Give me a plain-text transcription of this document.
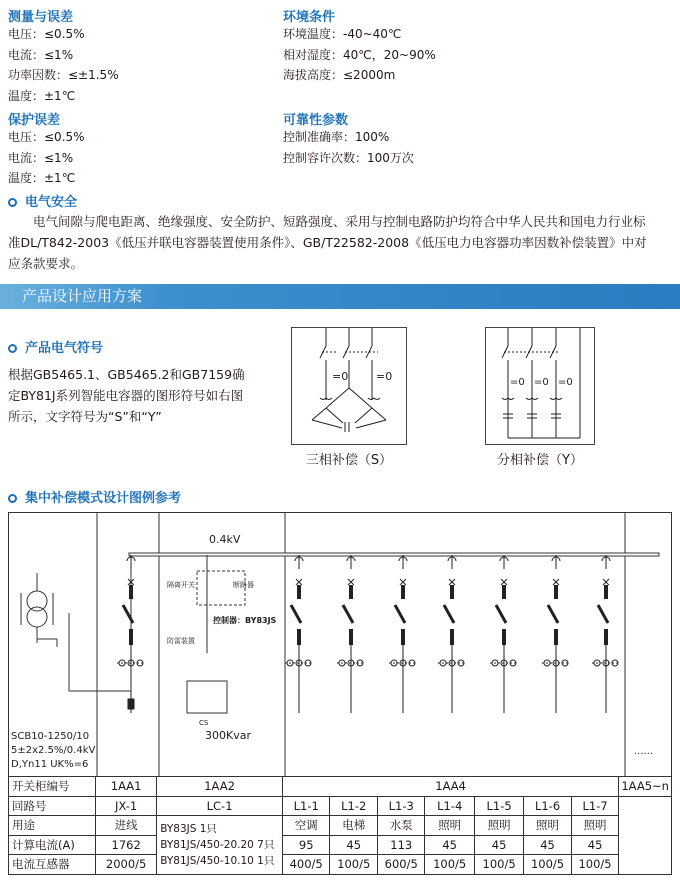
测量与误差
电压：≤0.5%
电流：≤1%
功率因数：≤±1.5%
温度：±1℃
环境条件
环境温度：-40~40℃
相对湿度：40℃，20~90%
海拔高度：≤2000m
保护误差
电压：≤0.5%
电流：≤1%
温度：±1℃
可靠性参数
控制准确率：100%
控制容许次数：100万次
电气安全
电气间隙与爬电距离、绝缘强度、安全防护、短路强度、采用与控制电路防护均符合中华人民共和国电力行业标
准DL/T842-2003《低压并联电容器装置使用条件》、GB/T22582-2008《低压电力电容器功率因数补偿装置》中对
应条款要求。
产品设计应用方案
产品电气符号
根据GB5465.1、GB5465.2和GB7159确
定BY81J系列智能电容器的图形符号如右图
所示，文字符号为“S”和“Y”
=0	=0
三相补偿（S）
=0 =0 =0
分相补偿（Y）
集中补偿模式设计图例参考
0.4kV
隔离开关	断路器
控制器：BY83JS
防雷装置
CS
300Kvar
......
SCB10-1250/10
5±2x2.5%/0.4kV
D,Yn11 UK%=6
开关柜编号	1AA1	1AA2	1AA4							1AA5~n
回路号	JX-1	LC-1	L1-1	L1-2	L1-3	L1-4	L1-5	L1-6	L1-7	
用途	进线	BY83JS 1只
BY81JS/450-20.20 7只
BY81JS/450-10.10 1只	空调	电梯	水泵	照明	照明	照明	照明	
计算电流(A)	1762		95	45	113	45	45	45	45	
电流互感器	2000/5		400/5	100/5	600/5	100/5	100/5	100/5	100/5	
